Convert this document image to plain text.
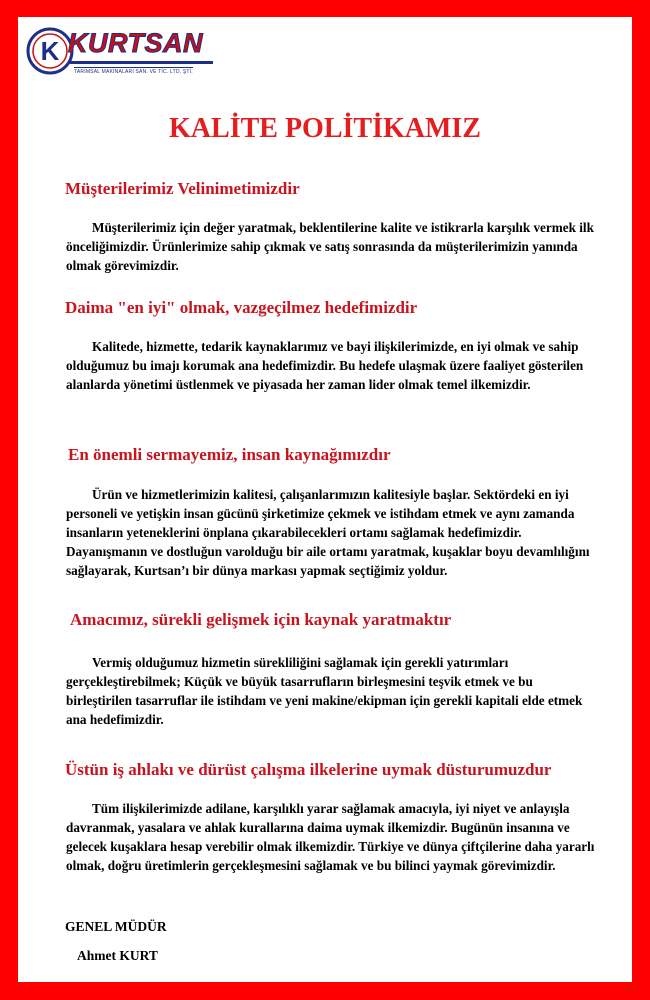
K KURTSAN
TARIMSAL MAKİNALARI SAN. VE TİC. LTD. ŞTİ.
KALİTE POLİTİKAMIZ
Müşterilerimiz Velinimetimizdir

Müşterilerimiz için değer yaratmak, beklentilerine kalite ve istikrarla karşılık vermek ilk önceliğimizdir. Ürünlerimize sahip çıkmak ve satış sonrasında da müşterilerimizin yanında olmak görevimizdir.

Daima "en iyi" olmak, vazgeçilmez hedefimizdir

Kalitede, hizmette, tedarik kaynaklarımız ve bayi ilişkilerimizde, en iyi olmak ve sahip olduğumuz bu imajı korumak ana hedefimizdir. Bu hedefe ulaşmak üzere faaliyet gösterilen alanlarda yönetimi üstlenmek ve piyasada her zaman lider olmak temel ilkemizdir.

En önemli sermayemiz, insan kaynağımızdır

Ürün ve hizmetlerimizin kalitesi, çalışanlarımızın kalitesiyle başlar. Sektördeki en iyi personeli ve yetişkin insan gücünü şirketimize çekmek ve istihdam etmek ve aynı zamanda insanların yeteneklerini önplana çıkarabilecekleri ortamı sağlamak hedefimizdir. Dayanışmanın ve dostluğun varolduğu bir aile ortamı yaratmak, kuşaklar boyu devamlılığını sağlayarak, Kurtsan’ı bir dünya markası yapmak seçtiğimiz yoldur.

Amacımız, sürekli gelişmek için kaynak yaratmaktır

Vermiş olduğumuz hizmetin sürekliliğini sağlamak için gerekli yatırımları gerçekleştirebilmek; Küçük ve büyük tasarrufların birleşmesini teşvik etmek ve bu birleştirilen tasarruflar ile istihdam ve yeni makine/ekipman için gerekli kapitali elde etmek ana hedefimizdir.

Üstün iş ahlakı ve dürüst çalışma ilkelerine uymak düsturumuzdur

Tüm ilişkilerimizde adilane, karşılıklı yarar sağlamak amacıyla, iyi niyet ve anlayışla davranmak, yasalara ve ahlak kurallarına daima uymak ilkemizdir. Bugünün insanına ve gelecek kuşaklara hesap verebilir olmak ilkemizdir. Türkiye ve dünya çiftçilerine daha yararlı olmak, doğru üretimlerin gerçekleşmesini sağlamak ve bu bilinci yaymak görevimizdir.

GENEL MÜDÜR
Ahmet KURT
